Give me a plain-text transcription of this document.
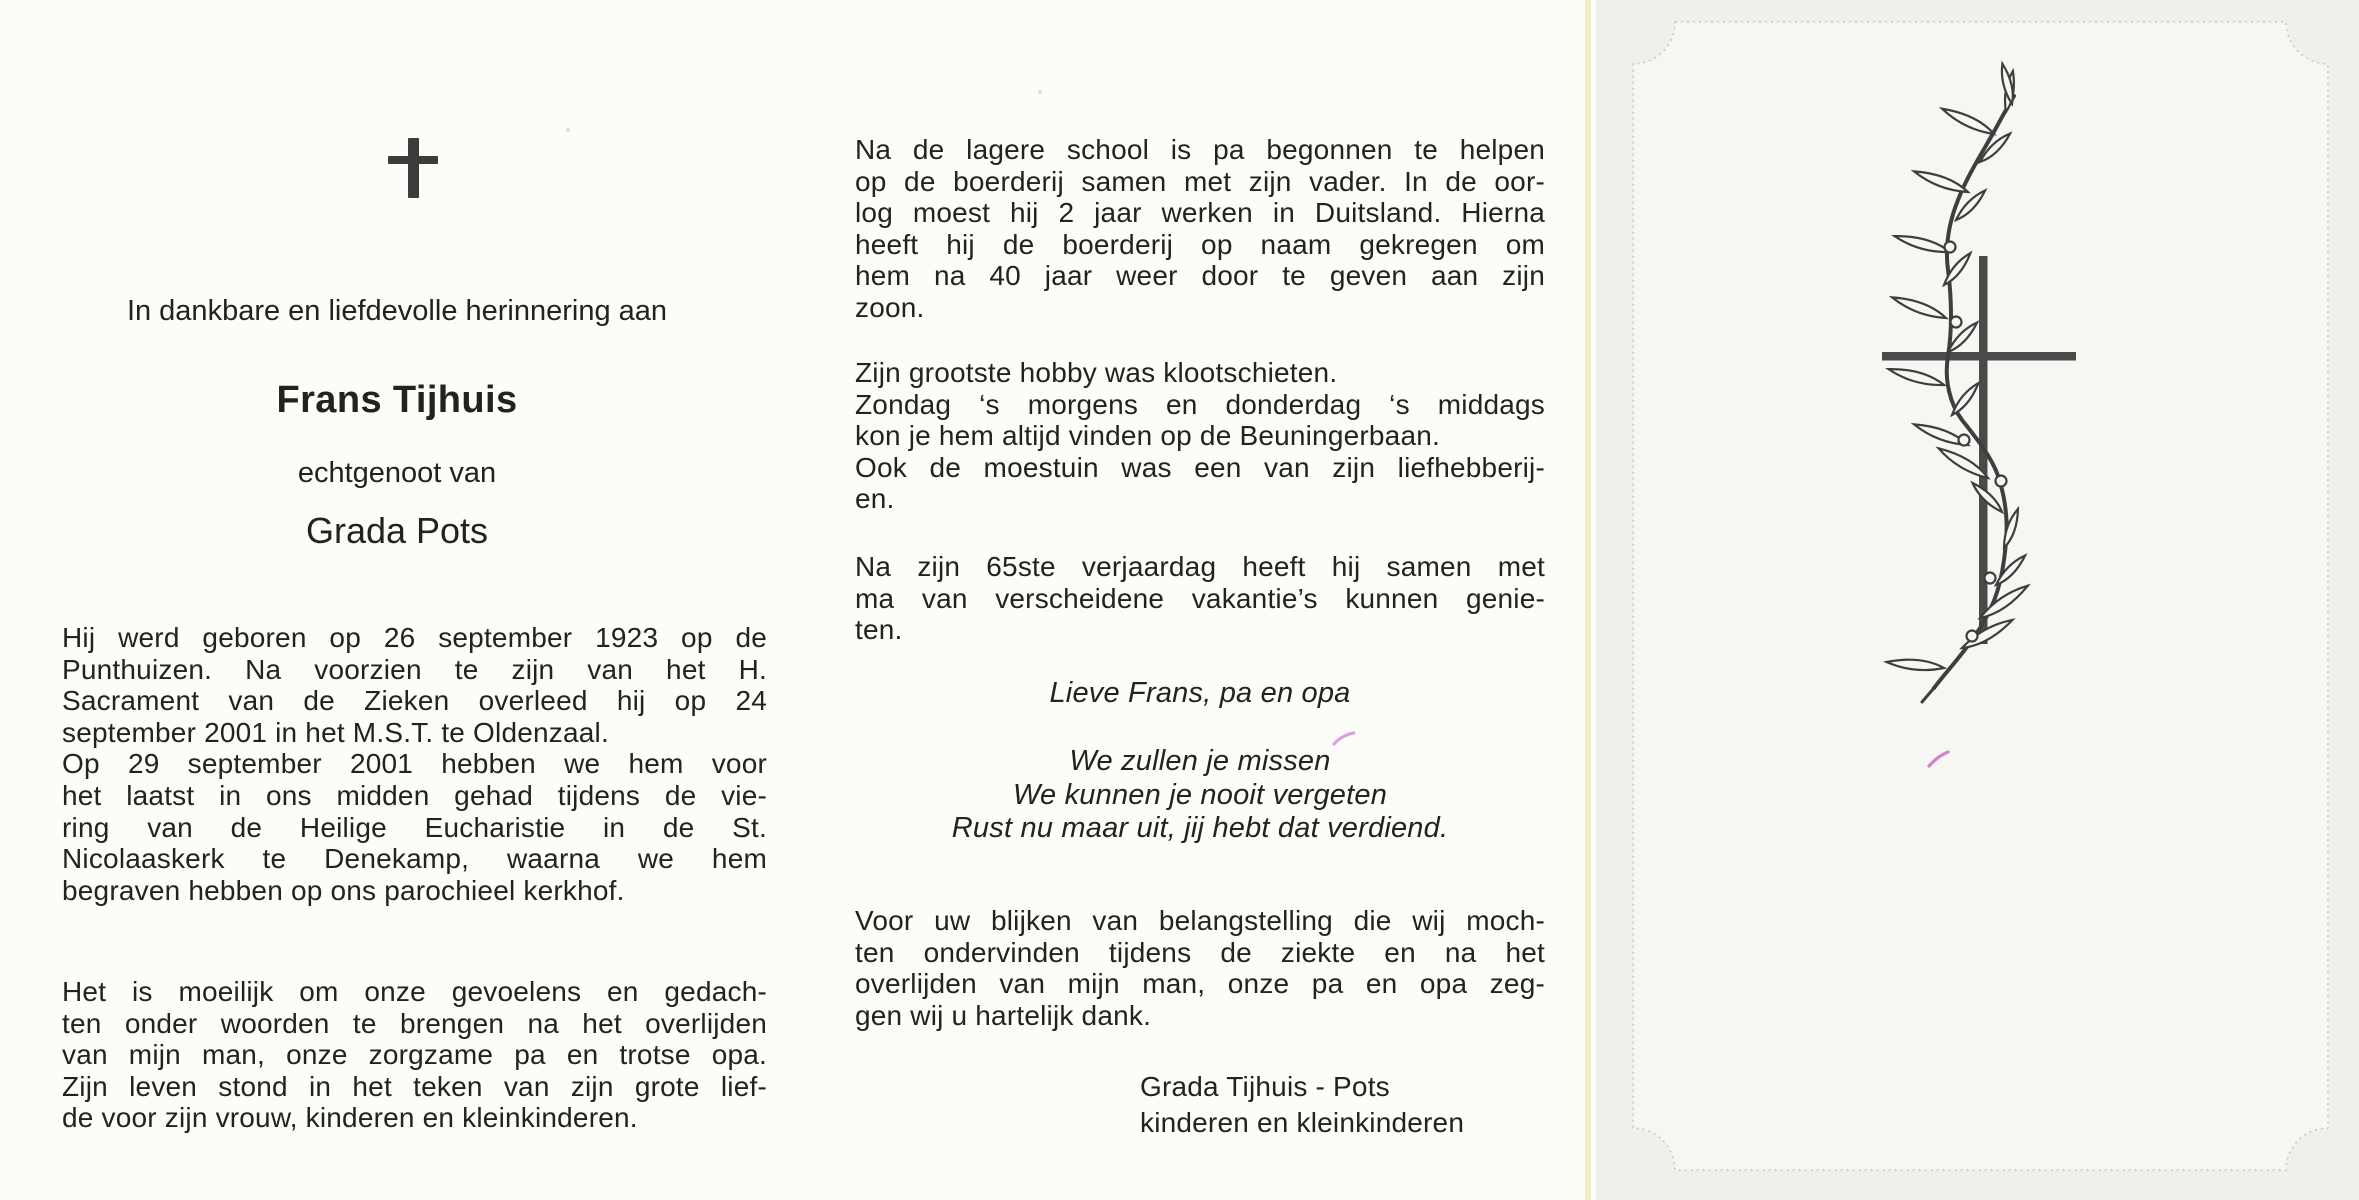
In dankbare en liefdevolle herinnering aan
Frans Tijhuis
echtgenoot van
Grada Pots
Hij werd geboren op 26 september 1923 op de
Punthuizen. Na voorzien te zijn van het H.
Sacrament van de Zieken overleed hij op 24
september 2001 in het M.S.T. te Oldenzaal.
Op 29 september 2001 hebben we hem voor
het laatst in ons midden gehad tijdens de vie-
ring van de Heilige Eucharistie in de St.
Nicolaaskerk te Denekamp, waarna we hem
begraven hebben op ons parochieel kerkhof.
Het is moeilijk om onze gevoelens en gedach-
ten onder woorden te brengen na het overlijden
van mijn man, onze zorgzame pa en trotse opa.
Zijn leven stond in het teken van zijn grote lief-
de voor zijn vrouw, kinderen en kleinkinderen.
Na de lagere school is pa begonnen te helpen
op de boerderij samen met zijn vader. In de oor-
log moest hij 2 jaar werken in Duitsland. Hierna
heeft hij de boerderij op naam gekregen om
hem na 40 jaar weer door te geven aan zijn
zoon.
Zijn grootste hobby was klootschieten.
Zondag ‘s morgens en donderdag ‘s middags
kon je hem altijd vinden op de Beuningerbaan.
Ook de moestuin was een van zijn liefhebberij-
en.
Na zijn 65ste verjaardag heeft hij samen met
ma van verscheidene vakantie’s kunnen genie-
ten.
Lieve Frans, pa en opa
We zullen je missen
We kunnen je nooit vergeten
Rust nu maar uit, jij hebt dat verdiend.
Voor uw blijken van belangstelling die wij moch-
ten ondervinden tijdens de ziekte en na het
overlijden van mijn man, onze pa en opa zeg-
gen wij u hartelijk dank.
Grada Tijhuis - Pots
kinderen en kleinkinderen
